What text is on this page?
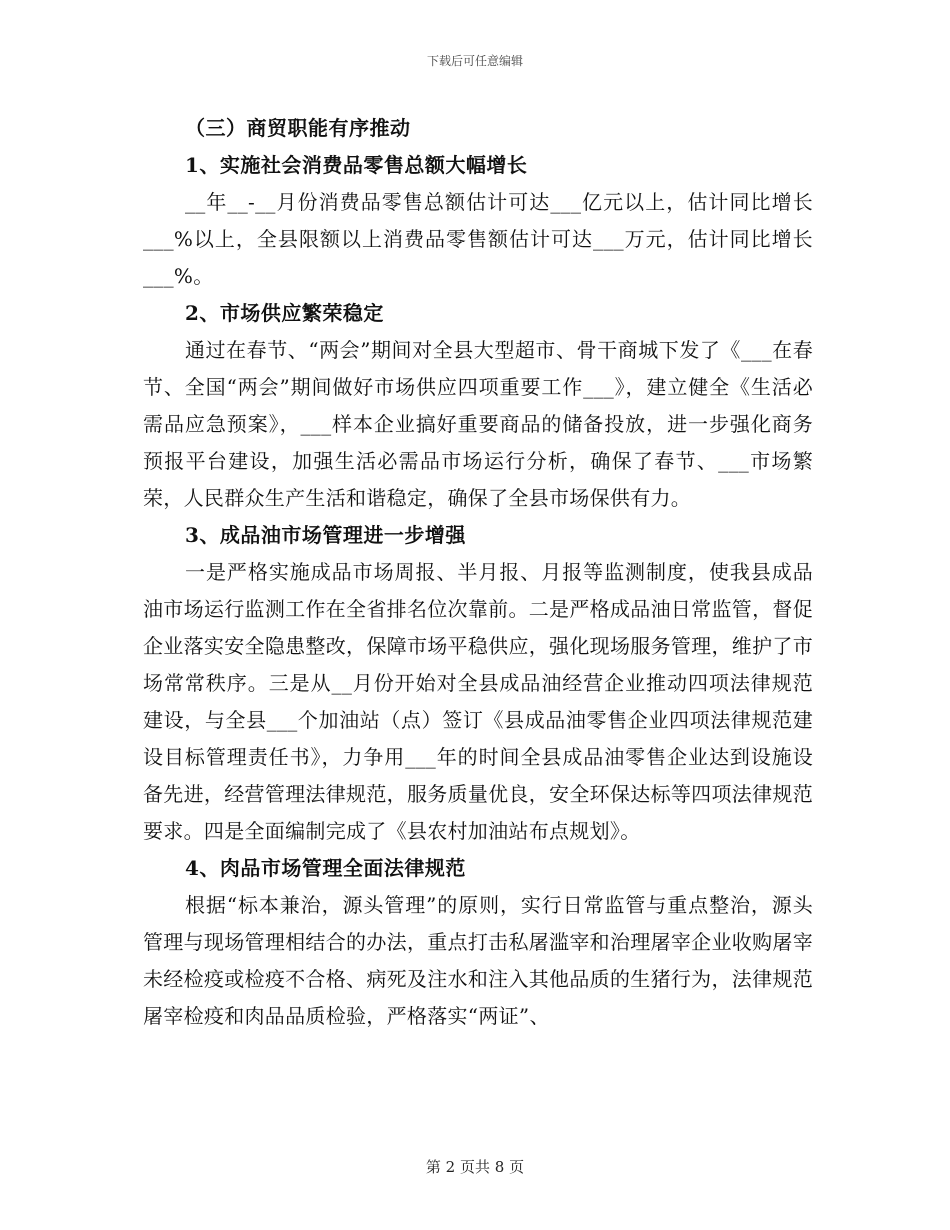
下载后可任意编辑
（三）商贸职能有序推动
1、实施社会消费品零售总额大幅增长

__年__-__月份消费品零售总额估计可达___亿元以上，估计同比增长___%以上，全县限额以上消费品零售额估计可达___万元，估计同比增长___%。

2、市场供应繁荣稳定

通过在春节、“两会”期间对全县大型超市、骨干商城下发了《___在春节、全国“两会”期间做好市场供应四项重要工作___》，建立健全《生活必需品应急预案》，___样本企业搞好重要商品的储备投放，进一步强化商务预报平台建设，加强生活必需品市场运行分析，确保了春节、___市场繁荣，人民群众生产生活和谐稳定，确保了全县市场保供有力。

3、成品油市场管理进一步增强

一是严格实施成品市场周报、半月报、月报等监测制度，使我县成品油市场运行监测工作在全省排名位次靠前。二是严格成品油日常监管，督促企业落实安全隐患整改，保障市场平稳供应，强化现场服务管理，维护了市场常常秩序。三是从__月份开始对全县成品油经营企业推动四项法律规范建设，与全县___个加油站（点）签订《县成品油零售企业四项法律规范建设目标管理责任书》，力争用___年的时间全县成品油零售企业达到设施设备先进，经营管理法律规范，服务质量优良，安全环保达标等四项法律规范要求。四是全面编制完成了《县农村加油站布点规划》。

4、肉品市场管理全面法律规范

根据“标本兼治，源头管理”的原则，实行日常监管与重点整治，源头管理与现场管理相结合的办法，重点打击私屠滥宰和治理屠宰企业收购屠宰未经检疫或检疫不合格、病死及注水和注入其他品质的生猪行为，法律规范屠宰检疫和肉品品质检验，严格落实“两证”、

第 2 页共 8 页
